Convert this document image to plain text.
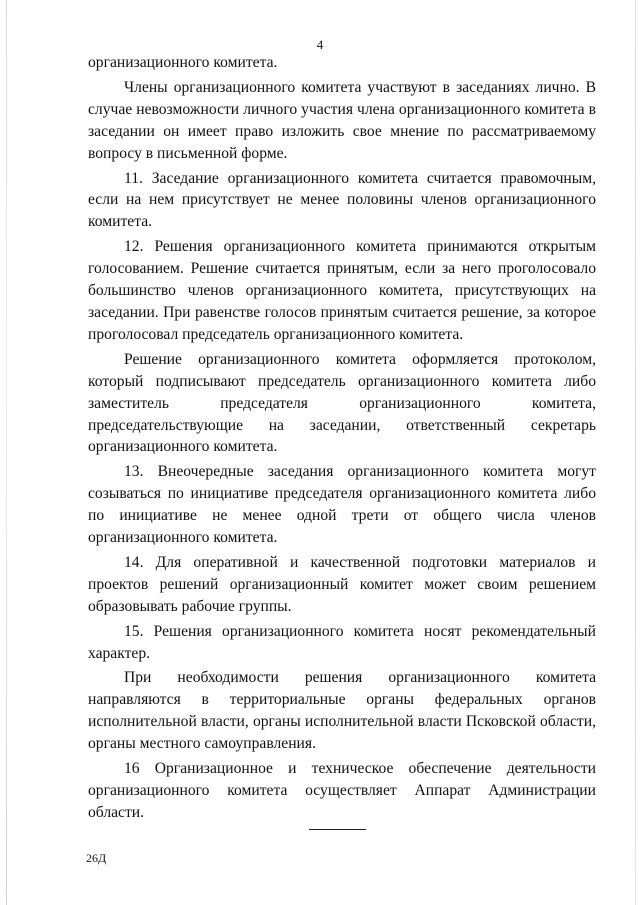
4

организационного комитета.

Члены организационного комитета участвуют в заседаниях лично. В случае невозможности личного участия члена организационного комитета в заседании он имеет право изложить свое мнение по рассматриваемому вопросу в письменной форме.

11. Заседание организационного комитета считается правомочным, если на нем присутствует не менее половины членов организационного комитета.

12. Решения организационного комитета принимаются открытым голосованием. Решение считается принятым, если за него проголосовало большинство членов организационного комитета, присутствующих на заседании. При равенстве голосов принятым считается решение, за которое проголосовал председатель организационного комитета.

Решение организационного комитета оформляется протоколом, который подписывают председатель организационного комитета либо заместитель председателя организационного комитета, председательствующие на заседании, ответственный секретарь организационного комитета.

13. Внеочередные заседания организационного комитета могут созываться по инициативе председателя организационного комитета либо по инициативе не менее одной трети от общего числа членов организационного комитета.

14. Для оперативной и качественной подготовки материалов и проектов решений организационный комитет может своим решением образовывать рабочие группы.

15. Решения организационного комитета носят рекомендательный характер.

При необходимости решения организационного комитета направляются в территориальные органы федеральных органов исполнительной власти, органы исполнительной власти Псковской области, органы местного самоуправления.

16 Организационное и техническое обеспечение деятельности организационного комитета осуществляет Аппарат Администрации области.

26Д
